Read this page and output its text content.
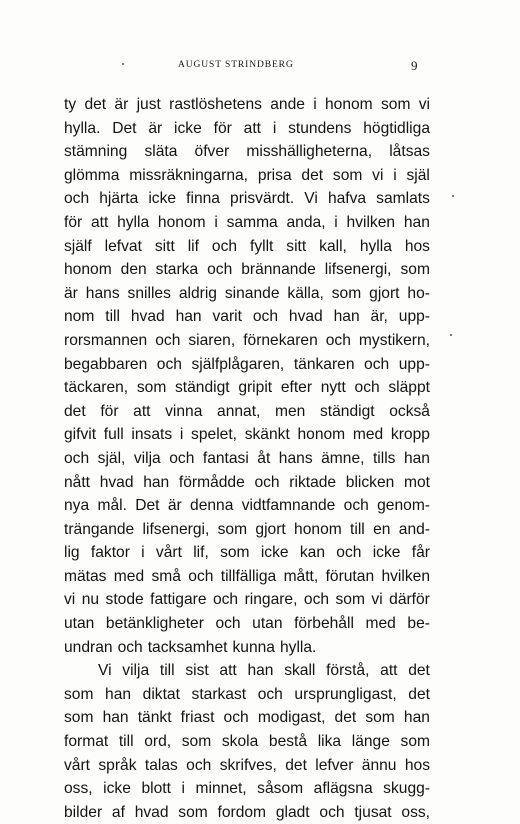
AUGUST STRINDBERG	9
ty det är just rastlöshetens ande i honom som vi
hylla. Det är icke för att i stundens högtidliga
stämning släta öfver misshälligheterna, låtsas
glömma missräkningarna, prisa det som vi i själ
och hjärta icke finna prisvärdt. Vi hafva samlats
för att hylla honom i samma anda, i hvilken han
själf lefvat sitt lif och fyllt sitt kall, hylla hos
honom den starka och brännande lifsenergi, som
är hans snilles aldrig sinande källa, som gjort ho-
nom till hvad han varit och hvad han är, upp-
rorsmannen och siaren, förnekaren och mystikern,
begabbaren och själfplågaren, tänkaren och upp-
täckaren, som ständigt gripit efter nytt och släppt
det för att vinna annat, men ständigt också
gifvit full insats i spelet, skänkt honom med kropp
och själ, vilja och fantasi åt hans ämne, tills han
nått hvad han förmådde och riktade blicken mot
nya mål. Det är denna vidtfamnande och genom-
trängande lifsenergi, som gjort honom till en and-
lig faktor i vårt lif, som icke kan och icke får
mätas med små och tillfälliga mått, förutan hvilken
vi nu stode fattigare och ringare, och som vi därför
utan betänkligheter och utan förbehåll med be-
undran och tacksamhet kunna hylla.
Vi vilja till sist att han skall förstå, att det
som han diktat starkast och ursprungligast, det
som han tänkt friast och modigast, det som han
format till ord, som skola bestå lika länge som
vårt språk talas och skrifves, det lefver ännu hos
oss, icke blott i minnet, såsom aflägsna skugg-
bilder af hvad som fordom gladt och tjusat oss,
